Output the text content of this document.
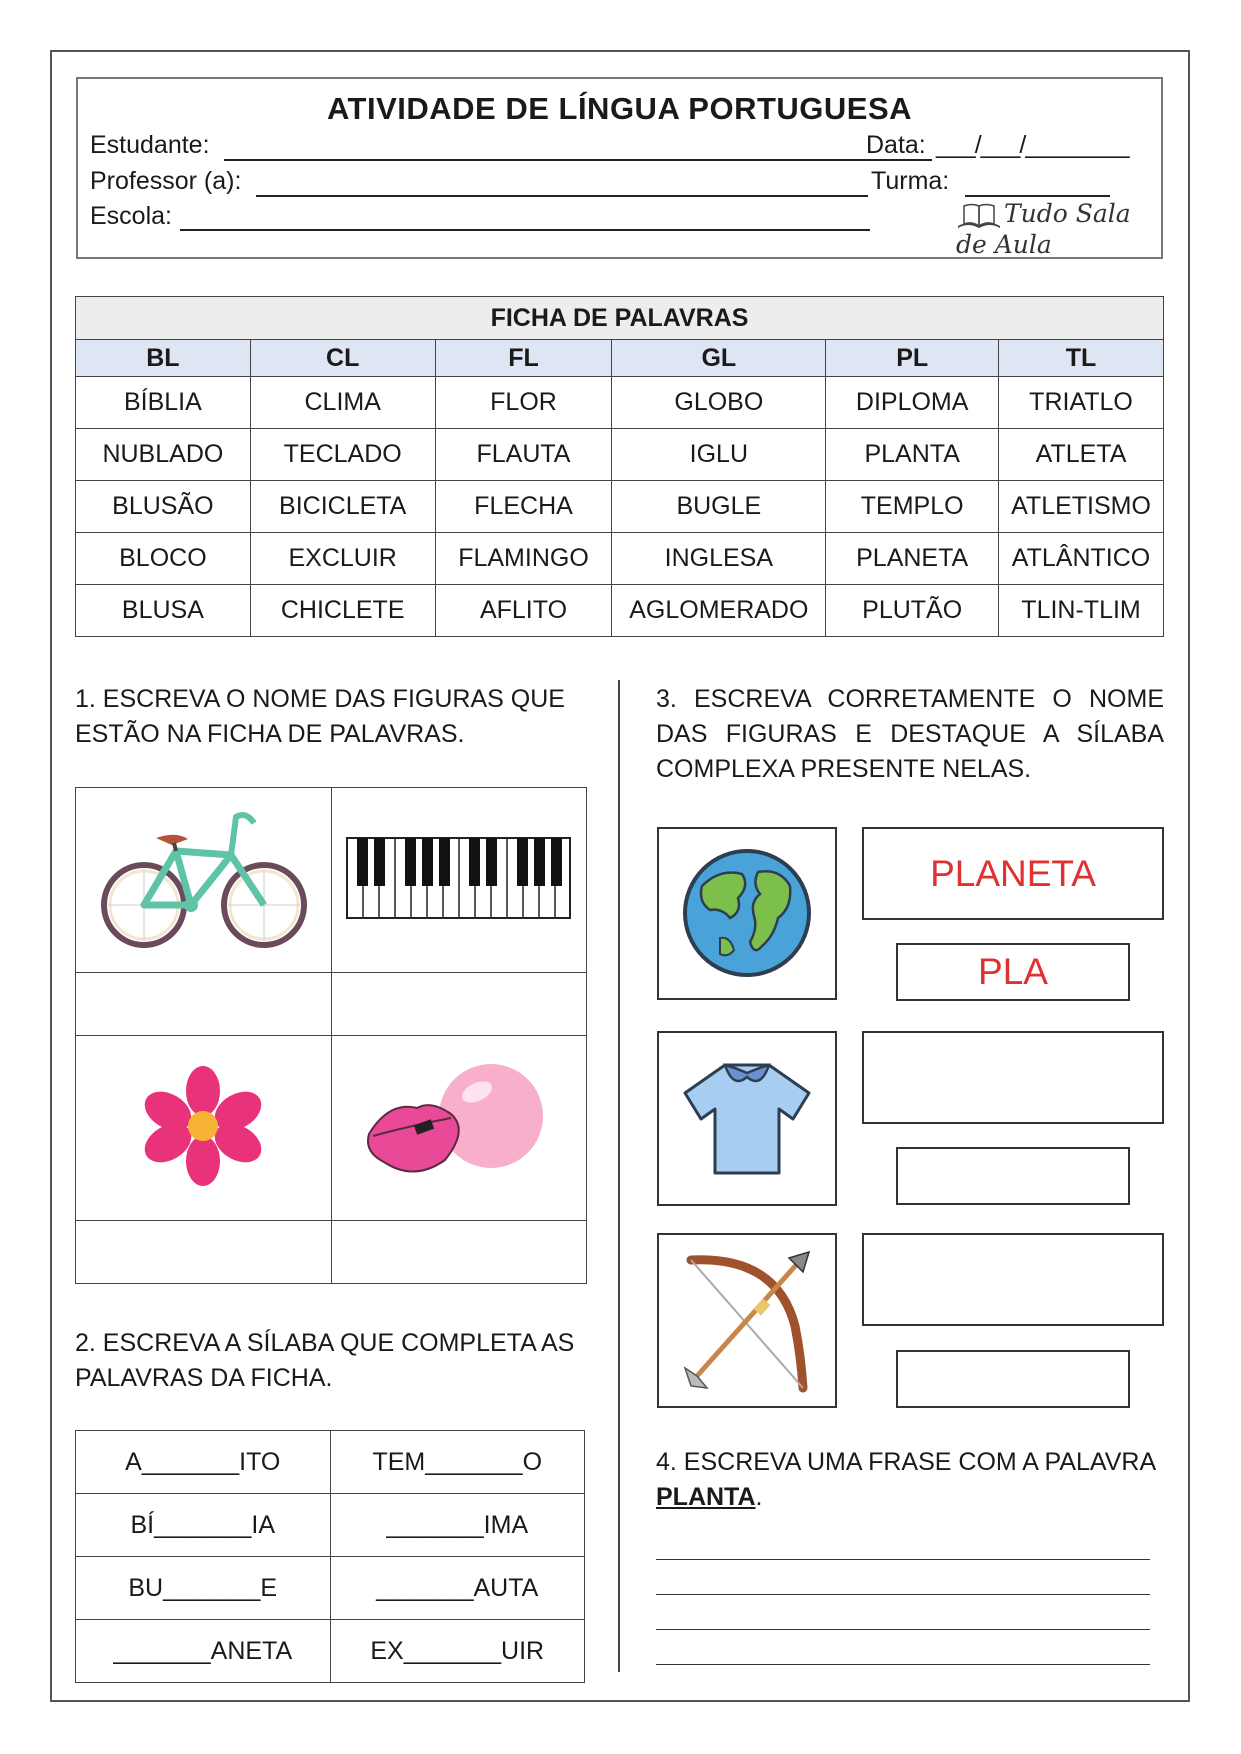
ATIVIDADE DE LÍNGUA PORTUGUESA
Estudante:	Data: ___/___/________
Professor (a):	Turma:
Escola:	Tudo Sala de Aula
FICHA DE PALAVRAS					
BL	CL	FL	GL	PL	TL
BÍBLIA	CLIMA	FLOR	GLOBO	DIPLOMA	TRIATLO
NUBLADO	TECLADO	FLAUTA	IGLU	PLANTA	ATLETA
BLUSÃO	BICICLETA	FLECHA	BUGLE	TEMPLO	ATLETISMO
BLOCO	EXCLUIR	FLAMINGO	INGLESA	PLANETA	ATLÂNTICO
BLUSA	CHICLETE	AFLITO	AGLOMERADO	PLUTÃO	TLIN-TLIM
1. ESCREVA O NOME DAS FIGURAS QUE ESTÃO NA FICHA DE PALAVRAS.

2. ESCREVA A SÍLABA QUE COMPLETA AS PALAVRAS DA FICHA.
A_______ITO	TEM_______O
BÍ_______IA	_______IMA
BU_______E	_______AUTA
_______ANETA	EX_______UIR
3. ESCREVA CORRETAMENTE O NOME DAS FIGURAS E DESTAQUE A SÍLABA COMPLEXA PRESENTE NELAS.
PLANETA
PLA
4. ESCREVA UMA FRASE COM A PALAVRA PLANTA.
